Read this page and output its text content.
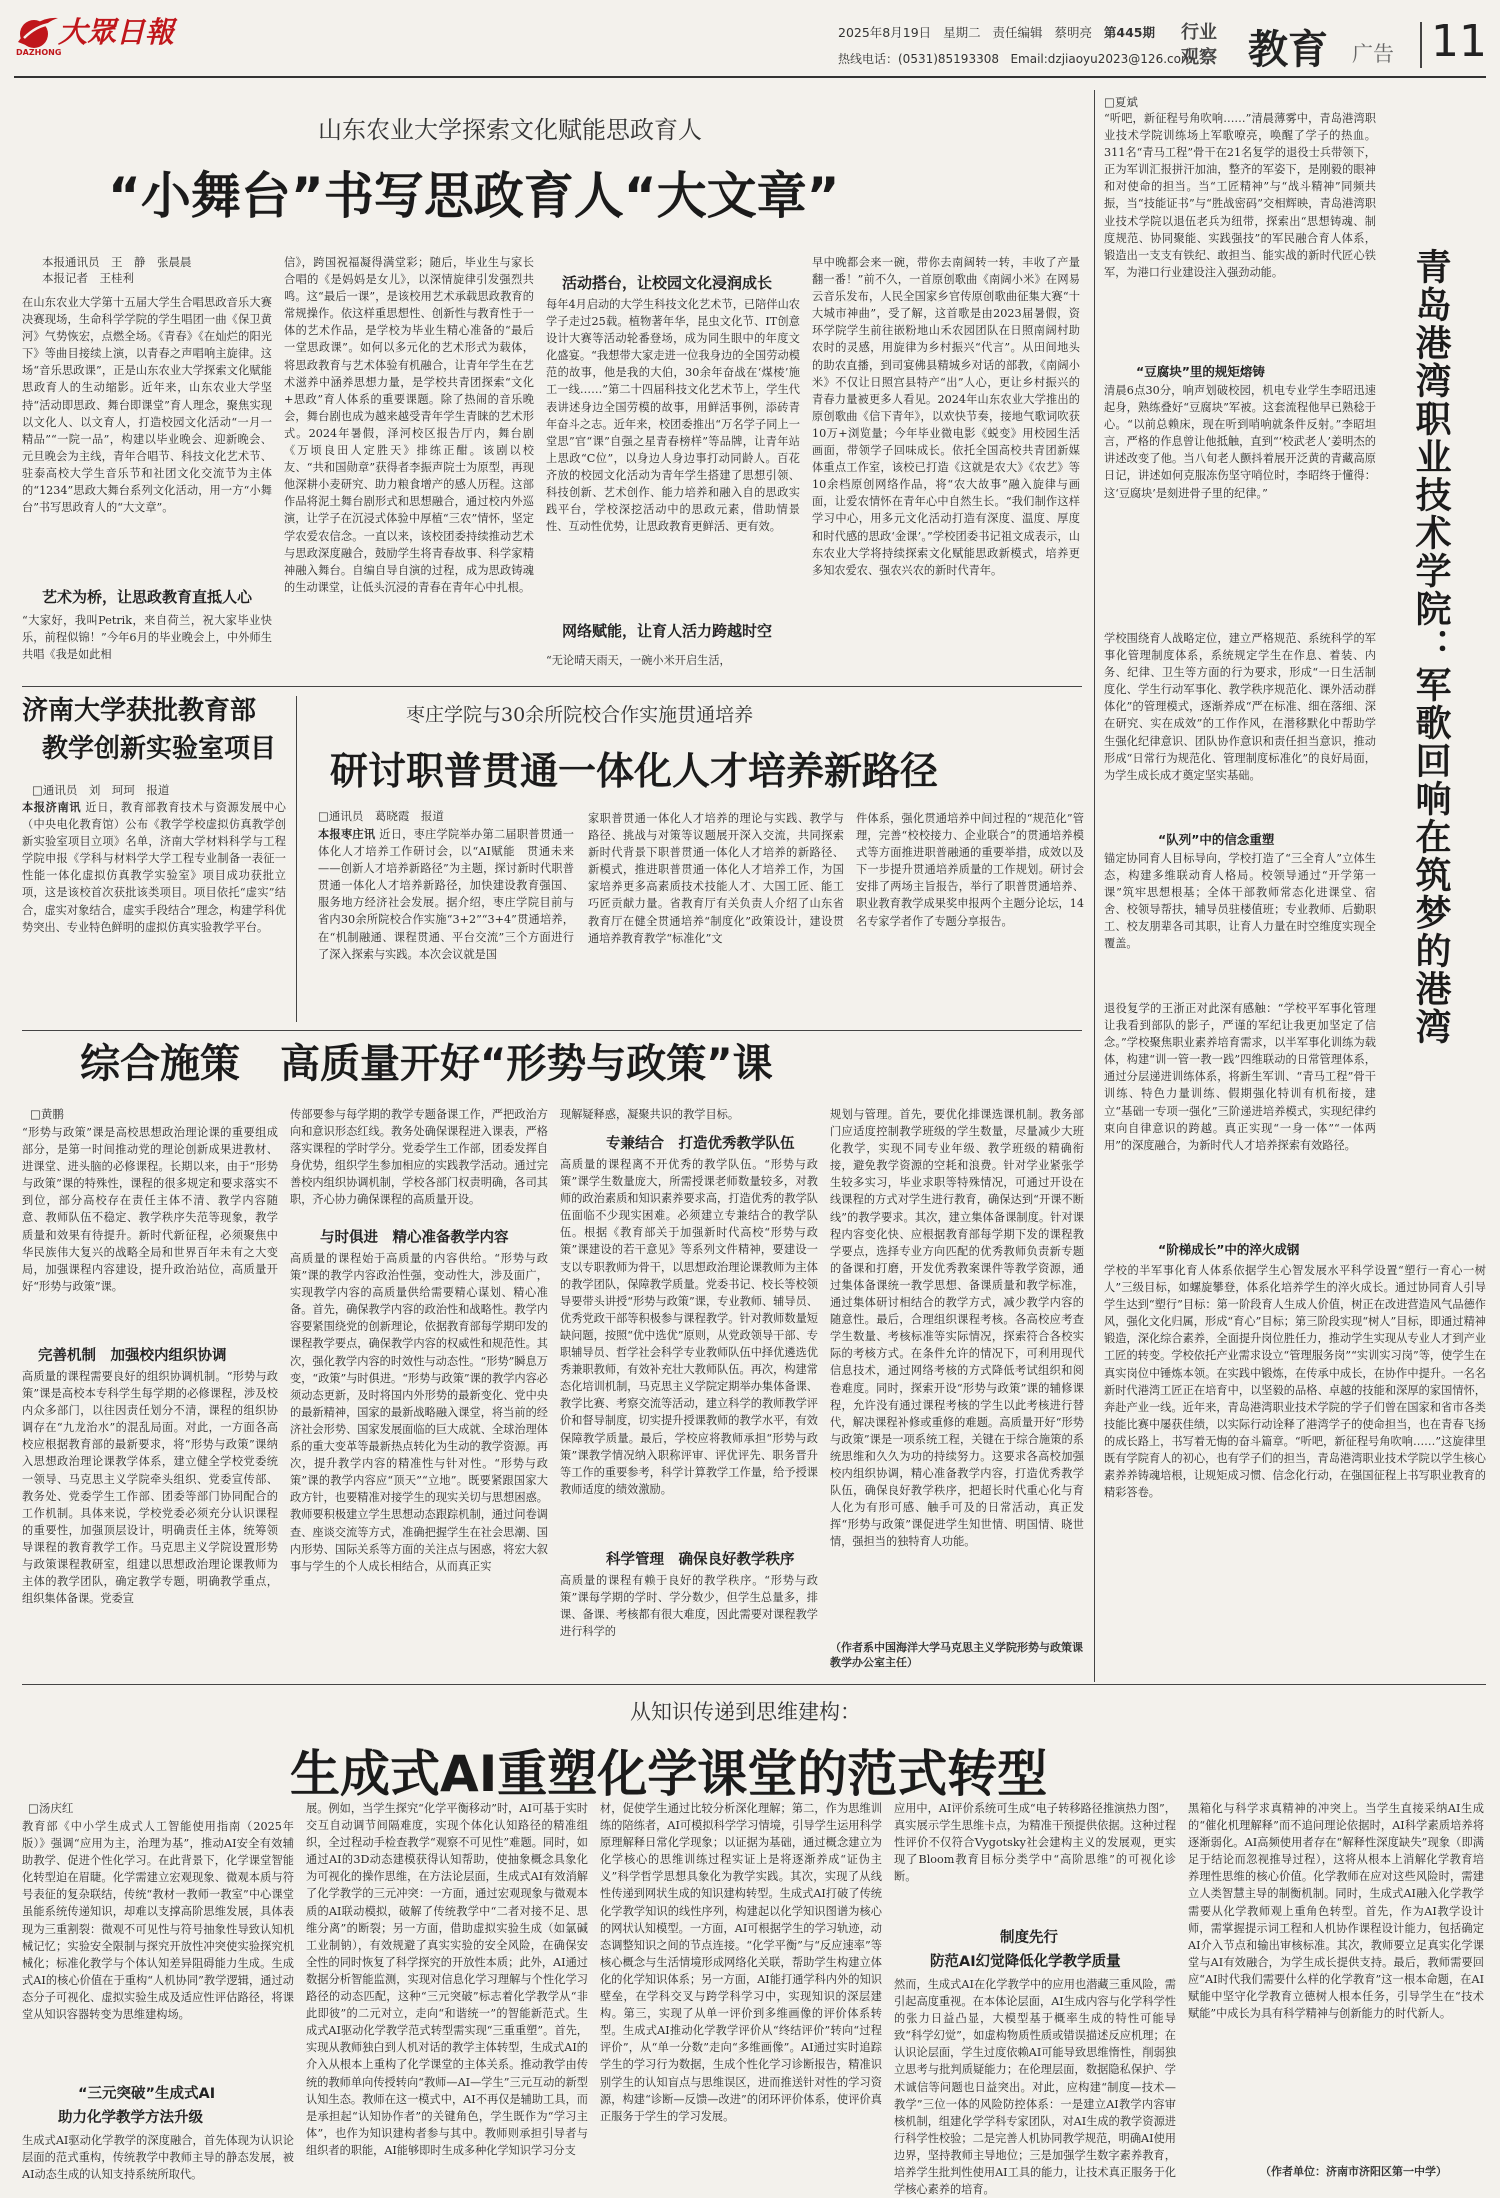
大眾日報
DAZHONG
2025年8月19日 星期二 责任编辑 蔡明亮 第445期
热线电话：(0531)85193308 Email:dzjiaoyu2023@126.com
行业
观察 教育 广告 11
山东农业大学探索文化赋能思政育人
“小舞台”书写思政育人“大文章”
本报通讯员　王　静　张晨晨
本报记者　王桂利
在山东农业大学第十五届大学生合唱思政音乐大赛决赛现场，生命科学学院的学生唱团一曲《保卫黄河》气势恢宏，点燃全场。《青春》《在灿烂的阳光下》等曲目接续上演，以青春之声唱响主旋律。这场“音乐思政课”，正是山东农业大学探索文化赋能思政育人的生动缩影。近年来，山东农业大学坚持“活动即思政、舞台即课堂”育人理念，聚焦实现以文化人、以文育人，打造校园文化活动“一月一精品”“一院一品”，构建以毕业晚会、迎新晚会、元旦晚会为主线，青年合唱节、科技文化艺术节、驻泰高校大学生音乐节和社团文化交流节为主体的“1234”思政大舞台系列文化活动，用一方“小舞台”书写思政育人的“大文章”。
艺术为桥，让思政教育直抵人心
“大家好，我叫Petrik，来自荷兰，祝大家毕业快乐，前程似锦！”今年6月的毕业晚会上，中外师生共唱《我是如此相
信》，跨国祝福凝得满堂彩；随后，毕业生与家长合唱的《是妈妈是女儿》，以深情旋律引发强烈共鸣。这“最后一课”，是该校用艺术承载思政教育的常规操作。依这样重思想性、创新性与教育性于一体的艺术作品，是学校为毕业生精心准备的“最后一堂思政课”。如何以多元化的艺术形式为载体，将思政教育与艺术体验有机融合，让青年学生在艺术滋养中涵养思想力量，是学校共青团探索“文化+思政”育人体系的重要课题。除了热闹的音乐晚会，舞台剧也成为越来越受青年学生青睐的艺术形式。2024年暑假，泽河校区报告厅内，舞台剧《万顷良田人定胜天》排练正酣。该剧以校友、“共和国勋章”获得者李振声院士为原型，再现他深耕小麦研究、助力粮食增产的感人历程。这部作品将泥土舞台剧形式和思想融合，通过校内外巡演，让学子在沉浸式体验中厚植“三农”情怀，坚定学农爱农信念。一直以来，该校团委持续推动艺术与思政深度融合，鼓励学生将青春故事、科学家精神融入舞台。自编自导自演的过程，成为思政铸魂的生动课堂，让低头沉浸的青春在青年心中扎根。
活动搭台，让校园文化浸润成长
每年4月启动的大学生科技文化艺术节，已陪伴山农学子走过25载。植物著年华，昆虫文化节、IT创意设计大赛等活动轮番登场，成为同生眼中的年度文化盛宴。“我想带大家走进一位我身边的全国劳动模范的故事，他是我的大伯，30余年奋战在‘煤棱’施工一线……”第二十四届科技文化艺术节上，学生代表讲述身边全国劳模的故事，用鲜活事例，添砖青年奋斗之志。近年来，校团委推出“万名学子同上一堂思”官“课”自强之星青春榜样”等品牌，让青年站上思政“C位”，以身边人身边事打动同龄人。百花齐放的校园文化活动为青年学生搭建了思想引领、科技创新、艺术创作、能力培养和融入自的思政实践平台，学校深挖活动中的思政元素，借助情景性、互动性优势，让思政教育更鲜活、更有效。
网络赋能，让育人活力跨越时空
“无论晴天雨天，一碗小米开启生活，
早中晚都会来一碗，带你去南阔转一转，丰收了产量翻一番！”前不久，一首原创歌曲《南阔小米》在网易云音乐发布，人民全国家乡官传原创歌曲征集大赛“十大城市神曲”，受了解，这首歌是由2023届暑假，资环学院学生前往嵌粉地山禾农园团队在日照南阔村助农时的灵感，用旋律为乡村振兴“代言”。从田间地头的助农直播，到司宴佛县精城乡对话的部教，《南阔小米》不仅让日照宫县特产“出”人心，更让乡村振兴的青春力量被更多人看见。2024年山东农业大学推出的原创歌曲《信下青年》，以欢快节奏，接地气歌词吹获10万+浏览量；今年毕业微电影《蜕变》用校园生活画面，带领学子回味成长。依托全国高校共青团新媒体重点工作室，该校已打造《这就是农大》《农艺》等10余档原创网络作品，将“农大故事”融入旋律与画面，让爱农情怀在青年心中自然生长。“我们制作这样学习中心，用多元文化活动打造有深度、温度、厚度和时代感的思政‘金课’。”学校团委书记祖文成表示，山东农业大学将持续探索文化赋能思政新模式，培养更多知农爱农、强农兴农的新时代青年。
济南大学获批教育部
教学创新实验室项目
□通讯员　刘　珂珂　报道
本报济南讯 近日，教育部教育技术与资源发展中心（中央电化教育馆）公布《教学学校虚拟仿真教学创新实验室项目立项》名单，济南大学材料科学与工程学院申报《学科与材料学大学工程专业制备一表征一性能一体化虚拟仿真教学实验室》项目成功获批立项，这是该校首次获批该类项目。项目依托“虚实”结合，虚实对象结合，虚实手段结合”理念，构建学科优势突出、专业特色鲜明的虚拟仿真实验教学平台。
枣庄学院与30余所院校合作实施贯通培养
研讨职普贯通一体化人才培养新路径
□通讯员　葛晓霞　报道
本报枣庄讯 近日，枣庄学院举办第二届职普贯通一体化人才培养工作研讨会，以“AI赋能　贯通未来——创新人才培养新路径”为主题，探讨新时代职普贯通一体化人才培养新路径，加快建设教育强国、服务地方经济社会发展。据介绍，枣庄学院目前与省内30余所院校合作实施“3+2”“3+4”贯通培养，在“机制融通、课程贯通、平台交流”三个方面进行了深入探索与实践。本次会议就是国
家职普贯通一体化人才培养的理论与实践、教学与路径、挑战与对策等议题展开深入交流，共同探索新时代背景下职普贯通一体化人才培养的新路径、新模式，推进职普贯通一体化人才培养工作，为国家培养更多高素质技术技能人才、大国工匠、能工巧匠贡献力量。省教育厅有关负责人介绍了山东省教育厅在健全贯通培养“制度化”政策设计，建设贯通培养教育教学“标准化”文
件体系，强化贯通培养中间过程的“规范化”管理，完善“校校接力、企业联合”的贯通培养模式等方面推进职普融通的重要举措，成效以及下一步提升贯通培养质量的工作规划。研讨会安排了两场主旨报告，举行了职普贯通培养、职业教育教学成果奖申报两个主题分论坛，14名专家学者作了专题分享报告。
综合施策　高质量开好“形势与政策”课
□黄鹏
“形势与政策”课是高校思想政治理论课的重要组成部分，是第一时间推动党的理论创新成果进教材、进课堂、进头脑的必修课程。长期以来，由于“形势与政策”课的特殊性，课程的很多规定和要求落实不到位，部分高校存在责任主体不清、教学内容随意、教师队伍不稳定、教学秩序失范等现象，教学质量和效果有待提升。新时代新征程，必须聚焦中华民族伟大复兴的战略全局和世界百年未有之大变局，加强课程内容建设，提升政治站位，高质量开好“形势与政策”课。
完善机制　加强校内组织协调
高质量的课程需要良好的组织协调机制。“形势与政策”课是高校本专科学生每学期的必修课程，涉及校内众多部门，以往因责任划分不清，课程的组织协调存在“九龙治水”的混乱局面。对此，一方面各高校应根据教育部的最新要求，将“形势与政策”课纳入思想政治理论课教学体系，建立健全学校党委统一领导、马克思主义学院牵头组织、党委宣传部、教务处、党委学生工作部、团委等部门协同配合的工作机制。具体来说，学校党委必须充分认识课程的重要性，加强顶层设计，明确责任主体，统筹领导课程的教育教学工作。马克思主义学院设置形势与政策课程教研室，组建以思想政治理论课教师为主体的教学团队，确定教学专题，明确教学重点，组织集体备课。党委宣
传部要参与每学期的教学专题备课工作，严把政治方向和意识形态红线。教务处确保课程进入课表，严格落实课程的学时学分。党委学生工作部，团委发挥自身优势，组织学生参加相应的实践教学活动。通过完善校内组织协调机制，学校各部门权责明确，各司其职，齐心协力确保课程的高质量开设。
与时俱进　精心准备教学内容
高质量的课程始于高质量的内容供给。“形势与政策”课的教学内容政治性强，变动性大，涉及面广，实现教学内容的高质量供给需要精心谋划、精心准备。首先，确保教学内容的政治性和战略性。教学内容要紧围绕党的创新理论，依据教育部每学期印发的课程教学要点，确保教学内容的权威性和规范性。其次，强化教学内容的时效性与动态性。“形势”瞬息万变，“政策”与时俱进。“形势与政策”课的教学内容必须动态更新，及时将国内外形势的最新变化、党中央的最新精神，国家的最新战略融入课堂，将当前的经济社会形势、国家发展面临的巨大成就、全球治理体系的重大变革等最新热点转化为生动的教学资源。再次，提升教学内容的精准性与针对性。“形势与政策”课的教学内容应“顶天”“立地”。既要紧跟国家大政方针，也要精准对接学生的现实关切与思想困惑。教师要积极建立学生思想动态跟踪机制，通过问卷调查、座谈交流等方式，准确把握学生在社会思潮、国内形势、国际关系等方面的关注点与困惑，将宏大叙事与学生的个人成长相结合，从而真正实
现解疑释惑，凝聚共识的教学目标。
专兼结合　打造优秀教学队伍
高质量的课程离不开优秀的教学队伍。“形势与政策”课学生数量庞大，所需授课老师数量较多，对教师的政治素质和知识素养要求高，打造优秀的教学队伍面临不少现实困难。必须建立专兼结合的教学队伍。根据《教育部关于加强新时代高校“形势与政策”课建设的若干意见》等系列文件精神，要建设一支以专职教师为骨干，以思想政治理论课教师为主体的教学团队，保障教学质量。党委书记、校长等校领导要带头讲授“形势与政策”课，专业教师、辅导员、优秀党政干部等积极参与课程教学。针对教师数量短缺问题，按照“优中选优”原则，从党政领导干部、专职辅导员、哲学社会科学专业教师队伍中择优遴选优秀兼职教师，有效补充壮大教师队伍。再次，构建常态化培训机制，马克思主义学院定期举办集体备课、教学比赛、考察交流等活动，建立科学的教师教学评价和督导制度，切实提升授课教师的教学水平，有效保障教学质量。最后，学校应将教师承担“形势与政策”课教学情况纳入职称评审、评优评先、职务晋升等工作的重要参考，科学计算教学工作量，给予授课教师适度的绩效激励。
科学管理　确保良好教学秩序
高质量的课程有赖于良好的教学秩序。“形势与政策”课每学期的学时、学分数少，但学生总量多，排课、备课、考核都有很大难度，因此需要对课程教学进行科学的
规划与管理。首先，要优化排课选课机制。教务部门应适度控制教学班级的学生数量，尽量减少大班化教学，实现不同专业年级、教学班级的精确衔接，避免教学资源的空耗和浪费。针对学业紧张学生较多实习，毕业求职等特殊情况，可通过开设在线课程的方式对学生进行教育，确保达到“开课不断线”的教学要求。其次，建立集体备课制度。针对课程内容变化快、应根据教育部每学期下发的课程教学要点，选择专业方向匹配的优秀教师负责新专题的备课和打磨，开发优秀教案课件等教学资源，通过集体备课统一教学思想、备课质量和教学标准，通过集体研讨相结合的教学方式，减少教学内容的随意性。最后，合理组织课程考核。各高校应考查学生数量、考核标准等实际情况，探索符合各校实际的考核方式。在条件允许的情况下，可利用现代信息技术，通过网络考核的方式降低考试组织和阅卷难度。同时，探索开设“形势与政策”课的辅修课程，允许没有通过课程考核的学生以此考核进行替代，解决课程补修或重修的难题。高质量开好“形势与政策”课是一项系统工程，关键在于综合施策的系统思维和久久为功的持续努力。这要求各高校加强校内组织协调，精心准备教学内容，打造优秀教学队伍，确保良好教学秩序，把超长时代重心化与育人化为有形可感、触手可及的日常活动，真正发挥“形势与政策”课促进学生知世情、明国情、晓世情，强担当的独特育人功能。
（作者系中国海洋大学马克思主义学院形势与政策课教学办公室主任）
□夏斌
“听吧，新征程号角吹响……”清晨薄雾中，青岛港湾职业技术学院训练场上军歌嘹亮，唤醒了学子的热血。311名“青马工程”骨干在21名复学的退役士兵带领下，正为军训汇报拼汗加油，整齐的军姿下，是刚毅的眼神和对使命的担当。当“工匠精神”与“战斗精神”同频共振，当“技能证书”与“胜战密码”交相辉映，青岛港湾职业技术学院以退伍老兵为纽带，探索出“思想铸魂、制度规范、协同聚能、实践强技”的军民融合育人体系，锻造出一支支有铁纪、敢担当、能实战的新时代匠心铁军，为港口行业建设注入强劲动能。	青岛港湾职业技术学院：军歌回响在筑梦的港湾
“豆腐块”里的规矩熔铸
清晨6点30分，响声划破校园，机电专业学生李昭迅速起身，熟练叠好“豆腐块”军被。这套流程他早已熟稔于心。“以前总赖床，现在听到哨响就条件反射。”李昭坦言，严格的作息曾让他抵触，直到“‘校武老人’姜明杰的讲述改变了他。当八旬老人颤抖着展开泛黄的青藏高原日记，讲述如何克服冻伤坚守哨位时，李昭终于懂得：这‘豆腐块’是刻进骨子里的纪律。”
学校围绕育人战略定位，建立严格规范、系统科学的军事化管理制度体系，系统规定学生在作息、着装、内务、纪律、卫生等方面的行为要求，形成“一日生活制度化、学生行动军事化、教学秩序规范化、课外活动群体化”的管理模式，逐渐养成“严在标准、细在落细、深在研究、实在成效”的工作作风，在潜移默化中帮助学生强化纪律意识、团队协作意识和责任担当意识，推动形成“日常行为规范化、管理制度标准化”的良好局面，为学生成长成才奠定坚实基础。
“队列”中的信念重塑
锚定协同育人目标导向，学校打造了“三全育人”立体生态，构建多维联动育人格局。校领导通过“开学第一课”筑牢思想根基；全体干部教师常态化进课堂、宿舍、校领导帮扶，辅导员驻楼值班；专业教师、后勤职工、校友朋辈各司其职，让育人力量在时空维度实现全覆盖。
退役复学的王浙正对此深有感触：“学校平军事化管理让我看到部队的影子，严谨的军纪让我更加坚定了信念。”学校聚焦职业素养培育需求，以半军事化训练为载体，构建“训一管一教一践”四维联动的日常管理体系，通过分层递进训练体系，将新生军训、“青马工程”骨干训练、特色力量训练、假期强化特训有机衔接，建立“基础一专项一强化”三阶递进培养模式，实现纪律约束向自律意识的跨越。真正实现“一身一体”“一体两用”的深度融合，为新时代人才培养探索有效路径。
“阶梯成长”中的淬火成钢
学校的半军事化育人体系依据学生心智发展水平科学设置“塑行一育心一树人”三级目标，如螺旋攀登，体系化培养学生的淬火成长。通过协同育人引导学生达到“塑行”目标：第一阶段育人生成人价值，树正在改进营造风气品德作风，强化文化归属，形成“育心”目标；第三阶段实现“树人”目标，即通过精神锻造，深化综合素养，全面提升岗位胜任力，推动学生实现从专业人才到产业工匠的转变。学校依托产业需求设立“管理服务岗”“实训实习岗”等，使学生在真实岗位中锤炼本领。在实践中锻炼，在传承中成长，在协作中提升。一名名新时代港湾工匠正在培育中，以坚毅的品格、卓越的技能和深厚的家国情怀，奔赴产业一线。近年来，青岛港湾职业技术学院的学子们曾在国家和省市各类技能比赛中屡获佳绩，以实际行动诠释了港湾学子的使命担当，也在青春飞扬的成长路上，书写着无悔的奋斗篇章。“听吧，新征程号角吹响……”这旋律里既有学院育人的初心，也有学子们的担当，青岛港湾职业技术学院以学生核心素养养铸魂培根，让规矩成习惯、信念化行动，在强国征程上书写职业教育的精彩答卷。
从知识传递到思维建构：
生成式AI重塑化学课堂的范式转型
□汤庆红
教育部《中小学生成式人工智能使用指南（2025年版）》强调“应用为主，治理为基”，推动AI安全有效辅助教学、促进个性化学习。在此背景下，化学课堂智能化转型迫在眉睫。化学需建立宏观现象、微观本质与符号表征的复杂联结，传统“教材一教师一教室”中心课堂虽能系统传递知识，却难以支撑高阶思维发展，具体表现为三重割裂：微观不可见性与符号抽象性导致认知机械记忆；实验安全限制与探究开放性冲突使实验探究机械化；标准化教学与个体认知差异阻碍能力生成。生成式AI的核心价值在于重构“人机协同”教学逻辑，通过动态分子可视化、虚拟实验生成及适应性评估路径，将课堂从知识容器转变为思维建构场。
“三元突破”生成式AI
助力化学教学方法升级
生成式AI驱动化学教学的深度融合，首先体现为认识论层面的范式重构，传统教学中教师主导的静态发展，被AI动态生成的认知支持系统所取代。
展。例如，当学生探究“化学平衡移动”时，AI可基于实时交互自动调节间隔难度，实现个体化认知路径的精准组织，全过程动手检查教学“观察不可见性”难题。同时，如通过AI的3D动态建模获得认知帮助，使抽象概念具象化为可视化的操作思维，在方法论层面，生成式AI有效消解了化学教学的三元冲突：一方面，通过宏观现象与微观本质的AI联动模拟，破解了传统教学中“二者对接不足、思维分离”的断裂；另一方面，借助虚拟实验生成（如氯碱工业制钠），有效规避了真实实验的安全风险，在确保安全性的同时恢复了科学探究的开放性本质；此外，AI通过数据分析智能监测，实现对信息化学习理解与个性化学习路径的动态匹配，这种“三元突破”标志着化学教学从“非此即彼”的二元对立，走向“和谐统一”的智能新范式。生成式AI驱动化学教学范式转型需实现“三重重塑”。首先，实现从教师独白到人机对话的教学主体转型，生成式AI的介入从根本上重构了化学课堂的主体关系。推动教学由传统的教师单向传授转向“教师—AI—学生”三元互动的新型认知生态。教师在这一模式中，AI不再仅是辅助工具，而是承担起“认知协作者”的关键角色，学生既作为“学习主体”，也作为知识建构者参与其中。教师则承担引导者与组织者的职能，AI能够即时生成多种化学知识学习分支
材，促使学生通过比较分析深化理解；第二，作为思维训练的陪练者，AI可模拟科学学习情境，引导学生运用科学原理解释日常化学现象；以证据为基础，通过概念建立为化学核心的思维训练过程实证上是将逐渐养成“证伪主义”科学哲学思想具象化为教学实践。其次，实现了从线性传递到网状生成的知识建构转型。生成式AI打破了传统化学教学知识的线性序列，构建起以化学知识图谱为核心的网状认知模型。一方面，AI可根据学生的学习轨迹，动态调整知识之间的节点连接。“化学平衡”与“反应速率”等核心概念与生活情境形成网络化关联，帮助学生构建立体化的化学知识体系；另一方面，AI能打通学科内外的知识壁垒，在学科交叉与跨学科学习中，实现知识的深层建构。第三，实现了从单一评价到多维画像的评价体系转型。生成式AI推动化学教学评价从“终结评价”转向“过程评价”，从“单一分数”走向“多维画像”。AI通过实时追踪学生的学习行为数据，生成个性化学习诊断报告，精准识别学生的认知盲点与思维误区，进而推送针对性的学习资源，构建“诊断—反馈—改进”的闭环评价体系，使评价真正服务于学生的学习发展。
应用中，AI评价系统可生成“电子转移路径推演热力图”，真实展示学生思维卡点，为精准干预提供依据。这种过程性评价不仅符合Vygotsky社会建构主义的发展观，更实现了Bloom教育目标分类学中“高阶思维”的可视化诊断。
制度先行
防范AI幻觉降低化学教学质量
然而，生成式AI在化学教学中的应用也潜藏三重风险，需引起高度重视。在本体论层面，AI生成内容与化学科学性的张力日益凸显，大模型基于概率生成的特性可能导致“科学幻觉”，如虚构物质性质或错误描述反应机理；在认识论层面，学生过度依赖AI可能导致思维惰性，削弱独立思考与批判质疑能力；在伦理层面，数据隐私保护、学术诚信等问题也日益突出。对此，应构建“制度—技术—教学”三位一体的风险防控体系：一是建立AI教学内容审核机制，组建化学学科专家团队，对AI生成的教学资源进行科学性校验；二是完善人机协同教学规范，明确AI使用边界，坚持教师主导地位；三是加强学生数字素养教育，培养学生批判性使用AI工具的能力，让技术真正服务于化学核心素养的培育。
黑箱化与科学求真精神的冲突上。当学生直接采纳AI生成的“催化机理解释”而不追问理论依据时，AI科学素质培养将逐渐弱化。AI高频使用者存在“解释性深度缺失”现象（即满足于结论而忽视推导过程），这将从根本上消解化学教育培养理性思维的核心价值。化学教师在应对这些风险时，需建立人类智慧主导的制衡机制。同时，生成式AI融入化学教学需要从化学教师观上重角色转型。首先，作为AI教学设计师，需掌握提示词工程和人机协作课程设计能力，包括确定AI介入节点和输出审核标准。其次，教师要立足真实化学课堂与AI有效融合，为学生成长提供支持。最后，教师需要回应“AI时代我们需要什么样的化学教育”这一根本命题，在AI赋能中坚守化学教育立德树人根本任务，引导学生在“技术赋能”中成长为具有科学精神与创新能力的时代新人。
（作者单位：济南市济阳区第一中学）
